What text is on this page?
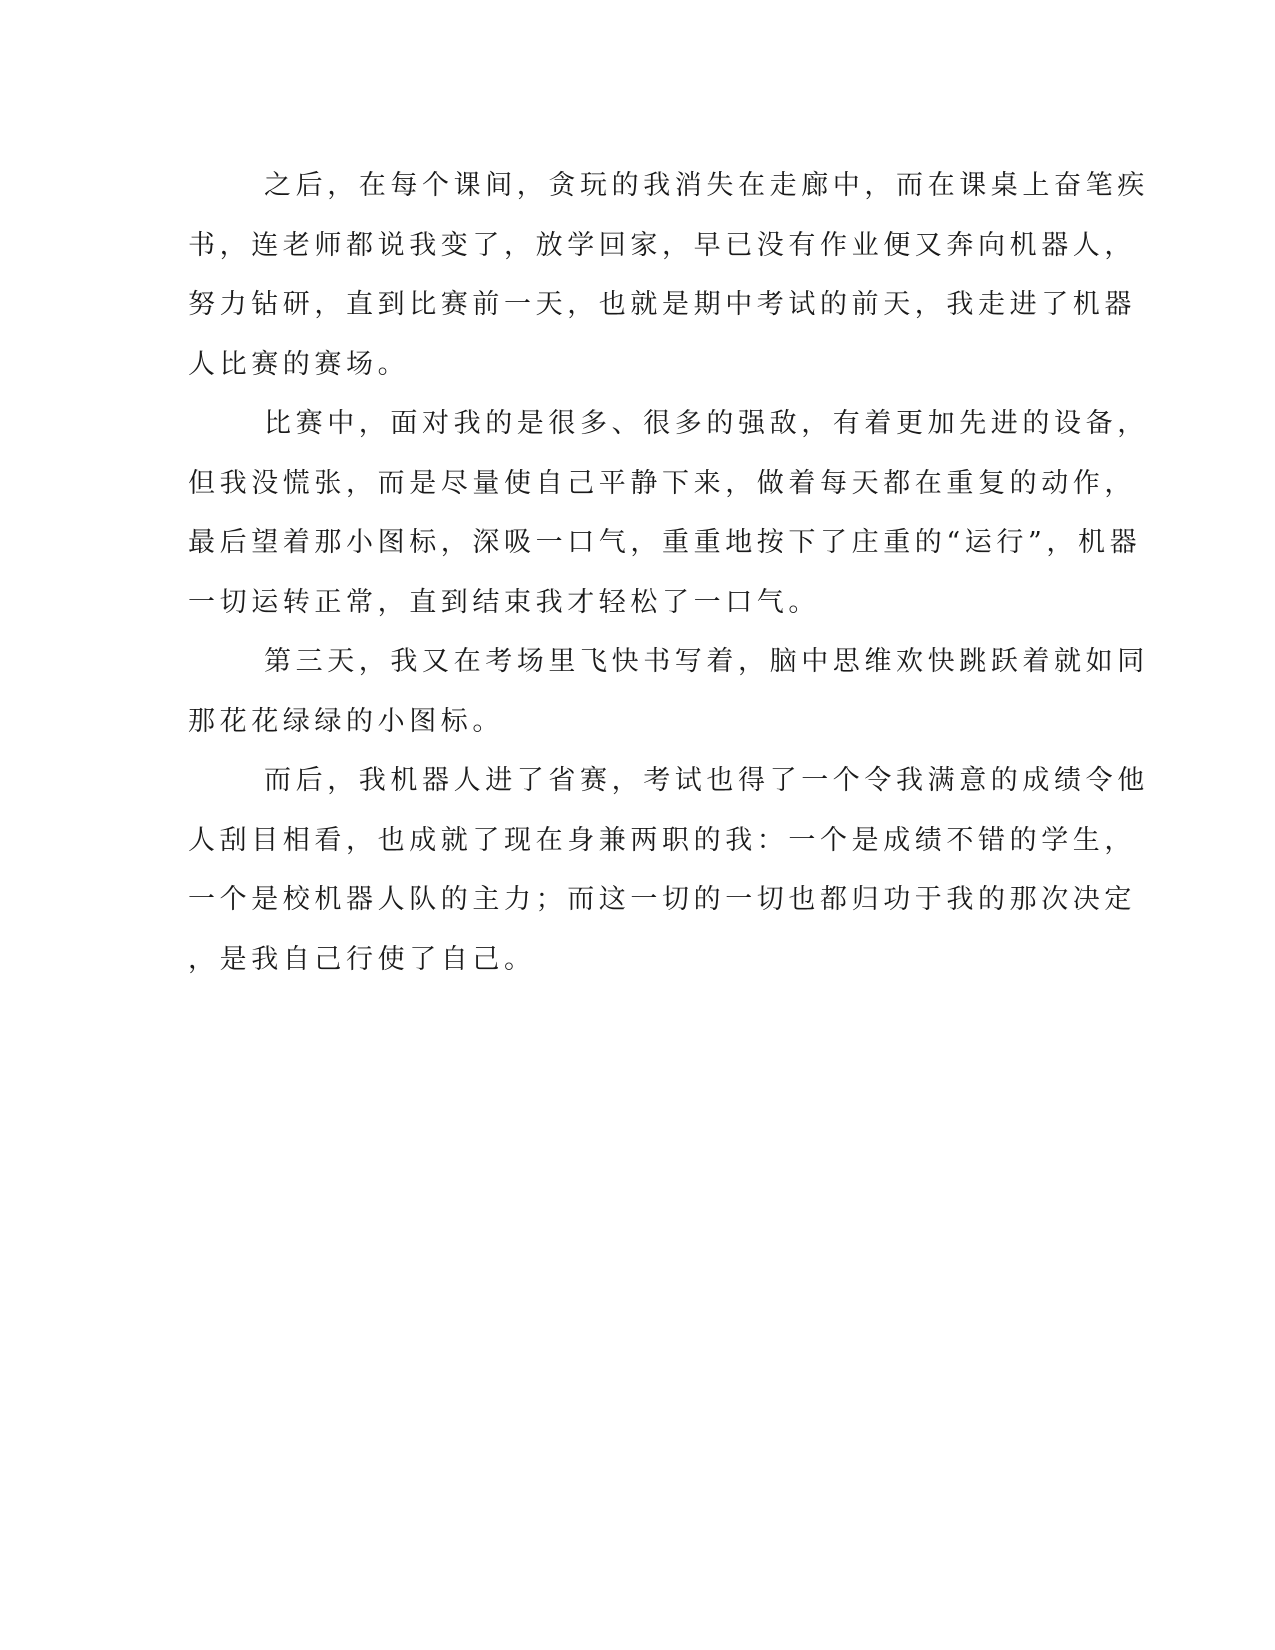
之后，在每个课间，贪玩的我消失在走廊中，而在课桌上奋笔疾
书，连老师都说我变了，放学回家，早已没有作业便又奔向机器人，
努力钻研，直到比赛前一天，也就是期中考试的前天，我走进了机器
人比赛的赛场。
比赛中，面对我的是很多、很多的强敌，有着更加先进的设备，
但我没慌张，而是尽量使自己平静下来，做着每天都在重复的动作，
最后望着那小图标，深吸一口气，重重地按下了庄重的“运行”，机器
一切运转正常，直到结束我才轻松了一口气。
第三天，我又在考场里飞快书写着，脑中思维欢快跳跃着就如同
那花花绿绿的小图标。
而后，我机器人进了省赛，考试也得了一个令我满意的成绩令他
人刮目相看，也成就了现在身兼两职的我：一个是成绩不错的学生，
一个是校机器人队的主力；而这一切的一切也都归功于我的那次决定
，是我自己行使了自己。
